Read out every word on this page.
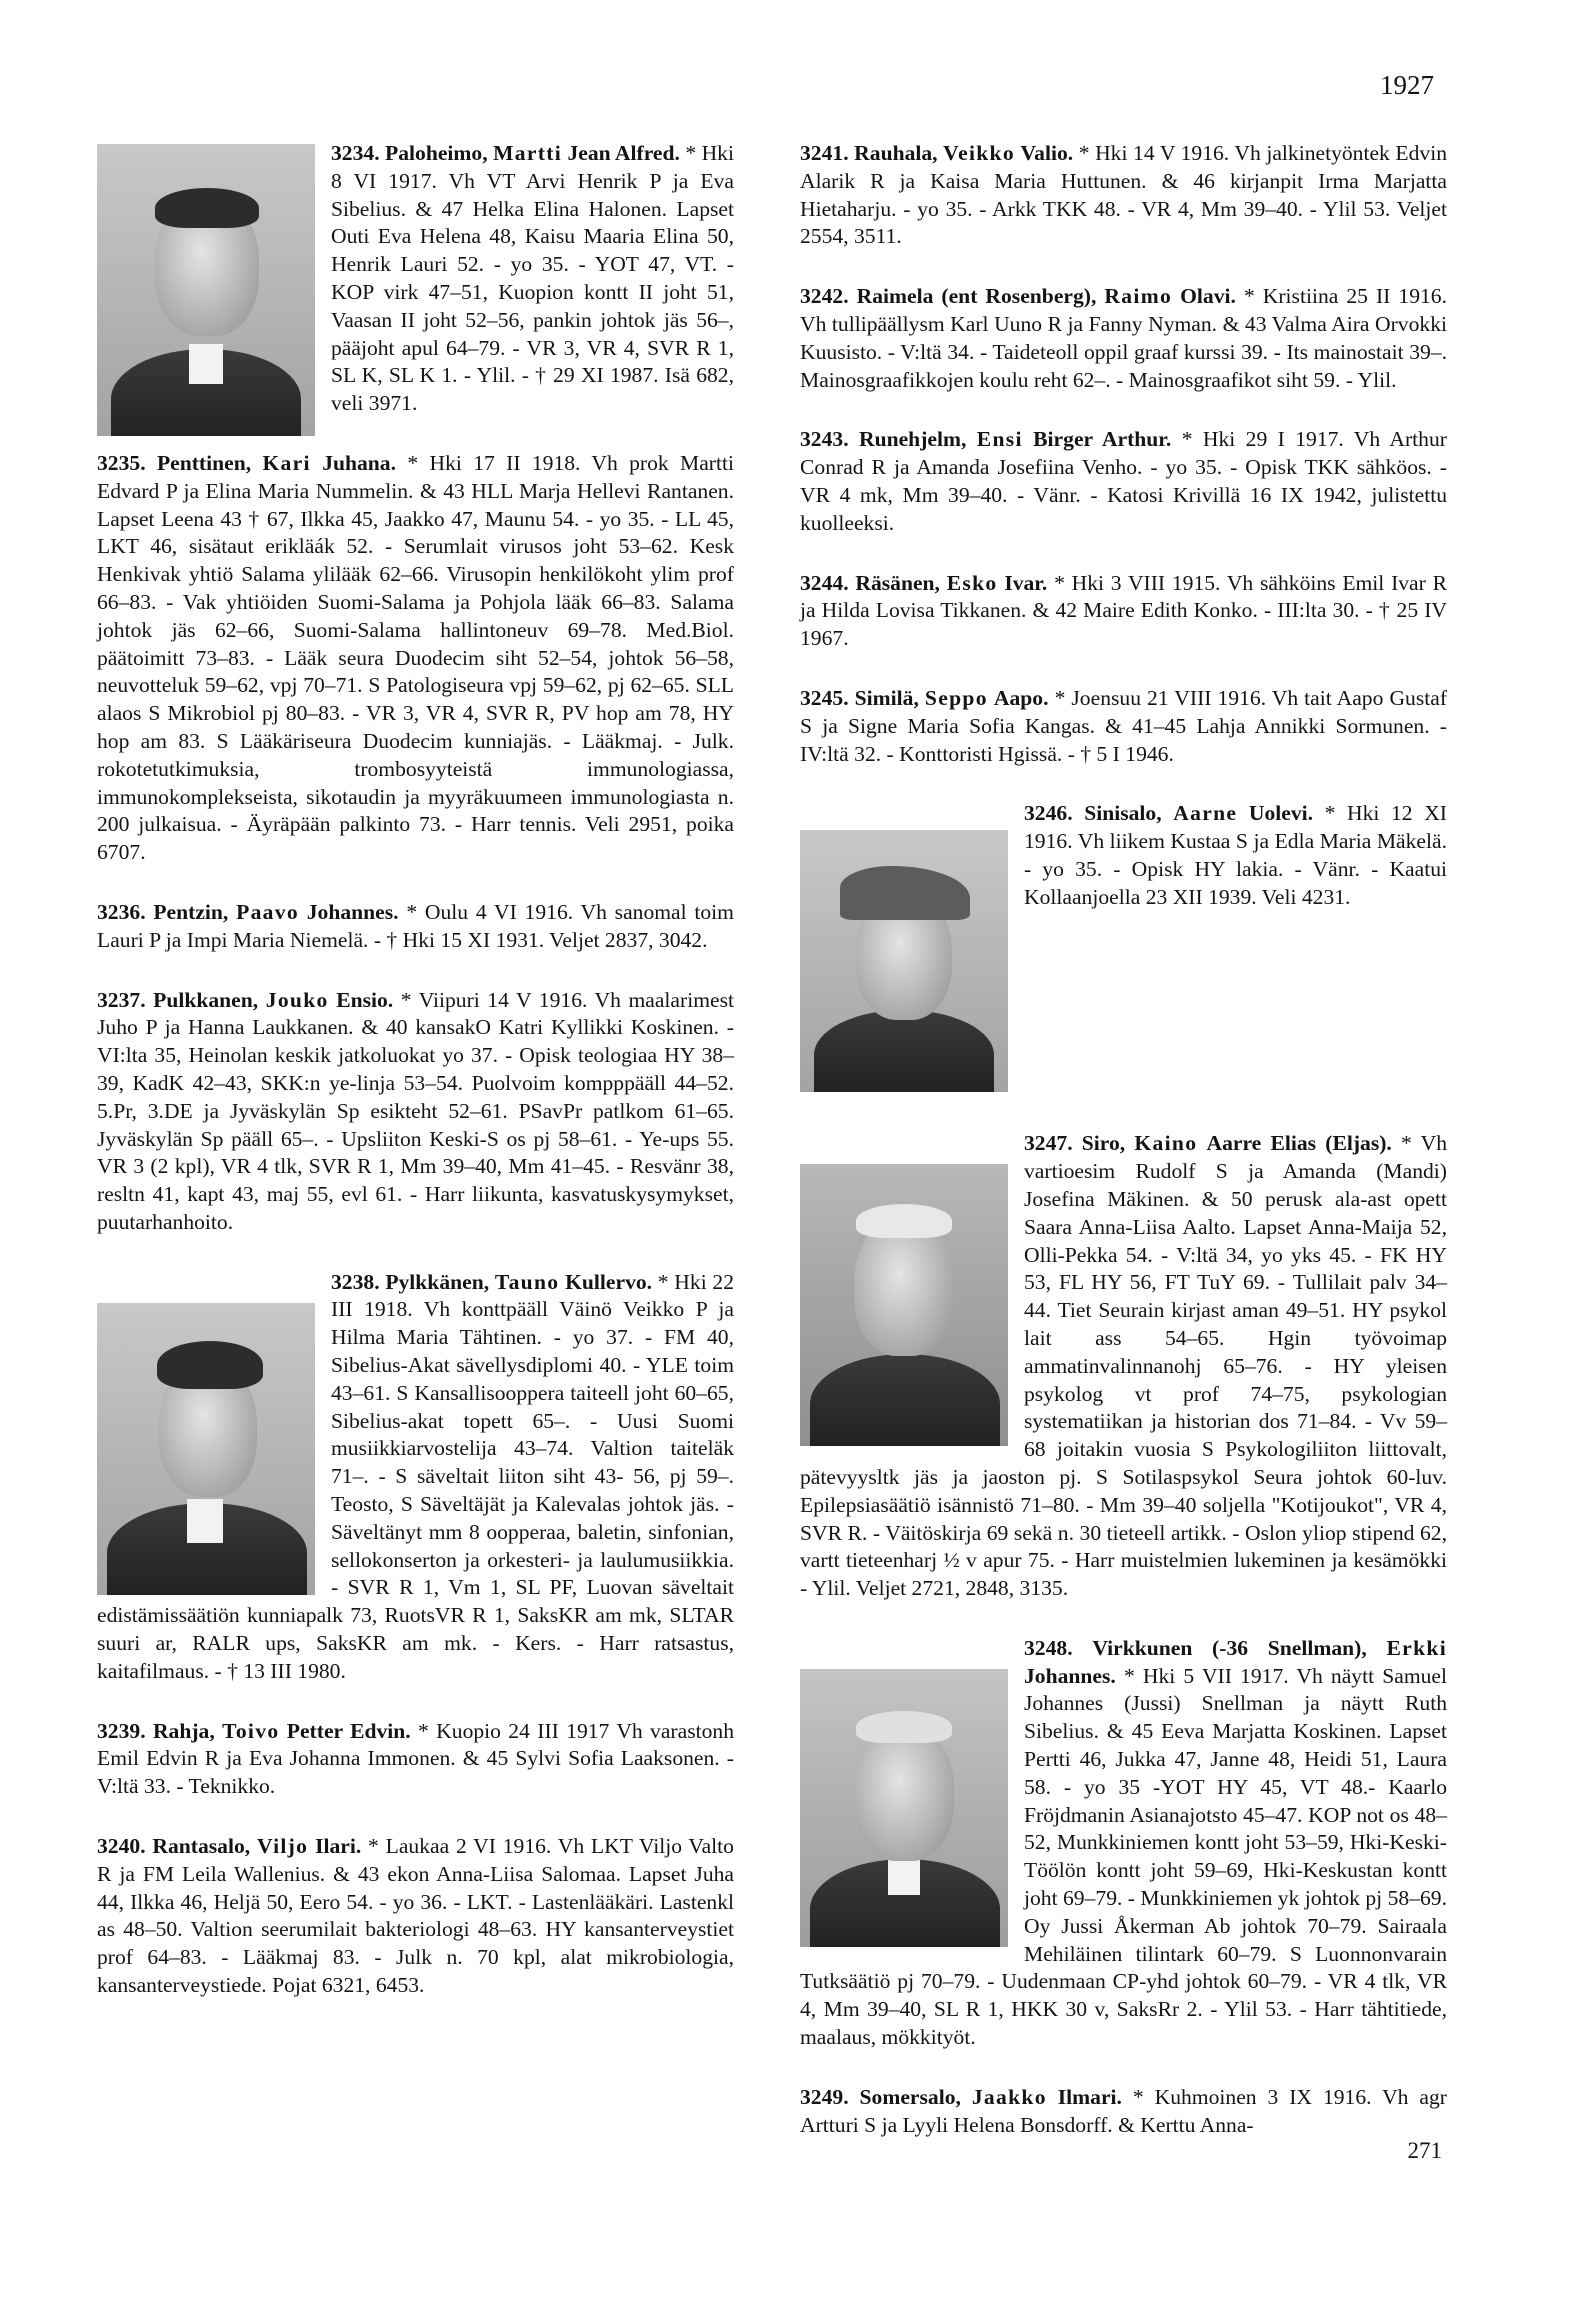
1927

3234. Paloheimo, Martti Jean Alfred. * Hki 8 VI 1917. Vh VT Arvi Henrik P ja Eva Sibelius. & 47 Helka Elina Halonen. Lapset Outi Eva Helena 48, Kaisu Maaria Elina 50, Henrik Lauri 52. - yo 35. - YOT 47, VT. - KOP virk 47–51, Kuopion kontt II joht 51, Vaasan II joht 52–56, pankin johtok jäs 56–, pääjoht apul 64–79. - VR 3, VR 4, SVR R 1, SL K, SL K 1. - Ylil. - † 29 XI 1987. Isä 682, veli 3971.

3235. Penttinen, Kari Juhana. * Hki 17 II 1918. Vh prok Martti Edvard P ja Elina Maria Nummelin. & 43 HLL Marja Hellevi Rantanen. Lapset Leena 43 † 67, Ilkka 45, Jaakko 47, Maunu 54. - yo 35. - LL 45, LKT 46, sisätaut erikläák 52. - Serumlait virusos joht 53–62. Kesk Henkivak yhtiö Salama ylilääk 62–66. Virusopin henkilökoht ylim prof 66–83. - Vak yhtiöiden Suomi-Salama ja Pohjola lääk 66–83. Salama johtok jäs 62–66, Suomi-Salama hallintoneuv 69–78. Med.Biol. päätoimitt 73–83. - Lääk seura Duodecim siht 52–54, johtok 56–58, neuvotteluk 59–62, vpj 70–71. S Patologiseura vpj 59–62, pj 62–65. SLL alaos S Mikrobiol pj 80–83. - VR 3, VR 4, SVR R, PV hop am 78, HY hop am 83. S Lääkäriseura Duodecim kunniajäs. - Lääkmaj. - Julk. rokotetutkimuksia, trombosyyteistä immunologiassa, immunokomplekseista, sikotaudin ja myyräkuumeen immunologiasta n. 200 julkaisua. - Äyräpään palkinto 73. - Harr tennis. Veli 2951, poika 6707.

3236. Pentzin, Paavo Johannes. * Oulu 4 VI 1916. Vh sanomal toim Lauri P ja Impi Maria Niemelä. - † Hki 15 XI 1931. Veljet 2837, 3042.

3237. Pulkkanen, Jouko Ensio. * Viipuri 14 V 1916. Vh maalarimest Juho P ja Hanna Laukkanen. & 40 kansakO Katri Kyllikki Koskinen. - VI:lta 35, Heinolan keskik jatkoluokat yo 37. - Opisk teologiaa HY 38–39, KadK 42–43, SKK:n ye-linja 53–54. Puolvoim kompppääll 44–52. 5.Pr, 3.DE ja Jyväskylän Sp esikteht 52–61. PSavPr patlkom 61–65. Jyväskylän Sp pääll 65–. - Upsliiton Keski-S os pj 58–61. - Ye-ups 55. VR 3 (2 kpl), VR 4 tlk, SVR R 1, Mm 39–40, Mm 41–45. - Resvänr 38, resltn 41, kapt 43, maj 55, evl 61. - Harr liikunta, kasvatuskysymykset, puutarhanhoito.

3238. Pylkkänen, Tauno Kullervo. * Hki 22 III 1918. Vh konttpääll Väinö Veikko P ja Hilma Maria Tähtinen. - yo 37. - FM 40, Sibelius-Akat sävellysdiplomi 40. - YLE toim 43–61. S Kansallisooppera taiteell joht 60–65, Sibelius-akat topett 65–. - Uusi Suomi musiikkiarvostelija 43–74. Valtion taiteläk 71–. - S säveltait liiton siht 43- 56, pj 59–. Teosto, S Säveltäjät ja Kalevalas johtok jäs. - Säveltänyt mm 8 oopperaa, baletin, sinfonian, sellokonserton ja orkesteri- ja laulumusiikkia. - SVR R 1, Vm 1, SL PF, Luovan säveltait edistämissäätiön kunniapalk 73, RuotsVR R 1, SaksKR am mk, SLTAR suuri ar, RALR ups, SaksKR am mk. - Kers. - Harr ratsastus, kaitafilmaus. - † 13 III 1980.

3239. Rahja, Toivo Petter Edvin. * Kuopio 24 III 1917 Vh varastonh Emil Edvin R ja Eva Johanna Immonen. & 45 Sylvi Sofia Laaksonen. - V:ltä 33. - Teknikko.

3240. Rantasalo, Viljo Ilari. * Laukaa 2 VI 1916. Vh LKT Viljo Valto R ja FM Leila Wallenius. & 43 ekon Anna-Liisa Salomaa. Lapset Juha 44, Ilkka 46, Heljä 50, Eero 54. - yo 36. - LKT. - Lastenlääkäri. Lastenkl as 48–50. Valtion seerumilait bakteriologi 48–63. HY kansanterveystiet prof 64–83. - Lääkmaj 83. - Julk n. 70 kpl, alat mikrobiologia, kansanterveystiede. Pojat 6321, 6453.

3241. Rauhala, Veikko Valio. * Hki 14 V 1916. Vh jalkinetyöntek Edvin Alarik R ja Kaisa Maria Huttunen. & 46 kirjanpit Irma Marjatta Hietaharju. - yo 35. - Arkk TKK 48. - VR 4, Mm 39–40. - Ylil 53. Veljet 2554, 3511.

3242. Raimela (ent Rosenberg), Raimo Olavi. * Kristiina 25 II 1916. Vh tullipäällysm Karl Uuno R ja Fanny Nyman. & 43 Valma Aira Orvokki Kuusisto. - V:ltä 34. - Taideteoll oppil graaf kurssi 39. - Its mainostait 39–. Mainosgraafikkojen koulu reht 62–. - Mainosgraafikot siht 59. - Ylil.

3243. Runehjelm, Ensi Birger Arthur. * Hki 29 I 1917. Vh Arthur Conrad R ja Amanda Josefiina Venho. - yo 35. - Opisk TKK sähköos. - VR 4 mk, Mm 39–40. - Vänr. - Katosi Krivillä 16 IX 1942, julistettu kuolleeksi.

3244. Räsänen, Esko Ivar. * Hki 3 VIII 1915. Vh sähköins Emil Ivar R ja Hilda Lovisa Tikkanen. & 42 Maire Edith Konko. - III:lta 30. - † 25 IV 1967.

3245. Similä, Seppo Aapo. * Joensuu 21 VIII 1916. Vh tait Aapo Gustaf S ja Signe Maria Sofia Kangas. & 41–45 Lahja Annikki Sormunen. - IV:ltä 32. - Konttoristi Hgissä. - † 5 I 1946.

3246. Sinisalo, Aarne Uolevi. * Hki 12 XI 1916. Vh liikem Kustaa S ja Edla Maria Mäkelä. - yo 35. - Opisk HY lakia. - Vänr. - Kaatui Kollaanjoella 23 XII 1939. Veli 4231.

3247. Siro, Kaino Aarre Elias (Eljas). * Vh vartioesim Rudolf S ja Amanda (Mandi) Josefina Mäkinen. & 50 perusk ala-ast opett Saara Anna-Liisa Aalto. Lapset Anna-Maija 52, Olli-Pekka 54. - V:ltä 34, yo yks 45. - FK HY 53, FL HY 56, FT TuY 69. - Tullilait palv 34–44. Tiet Seurain kirjast aman 49–51. HY psykol lait ass 54–65. Hgin työvoimap ammatinvalinnanohj 65–76. - HY yleisen psykolog vt prof 74–75, psykologian systematiikan ja historian dos 71–84. - Vv 59–68 joitakin vuosia S Psykologiliiton liittovalt, pätevyysltk jäs ja jaoston pj. S Sotilaspsykol Seura johtok 60-luv. Epilepsiasäätiö isännistö 71–80. - Mm 39–40 soljella "Kotijoukot", VR 4, SVR R. - Väitöskirja 69 sekä n. 30 tieteell artikk. - Oslon yliop stipend 62, vartt tieteenharj ½ v apur 75. - Harr muistelmien lukeminen ja kesämökki - Ylil. Veljet 2721, 2848, 3135.

3248. Virkkunen (-36 Snellman), Erkki Johannes. * Hki 5 VII 1917. Vh näytt Samuel Johannes (Jussi) Snellman ja näytt Ruth Sibelius. & 45 Eeva Marjatta Koskinen. Lapset Pertti 46, Jukka 47, Janne 48, Heidi 51, Laura 58. - yo 35 -YOT HY 45, VT 48.- Kaarlo Fröjdmanin Asianajotsto 45–47. KOP not os 48–52, Munkkiniemen kontt joht 53–59, Hki-Keski-Töölön kontt joht 59–69, Hki-Keskustan kontt joht 69–79. - Munkkiniemen yk johtok pj 58–69. Oy Jussi Åkerman Ab johtok 70–79. Sairaala Mehiläinen tilintark 60–79. S Luonnonvarain Tutksäätiö pj 70–79. - Uudenmaan CP-yhd johtok 60–79. - VR 4 tlk, VR 4, Mm 39–40, SL R 1, HKK 30 v, SaksRr 2. - Ylil 53. - Harr tähtitiede, maalaus, mökkityöt.

3249. Somersalo, Jaakko Ilmari. * Kuhmoinen 3 IX 1916. Vh agr Artturi S ja Lyyli Helena Bonsdorff. & Kerttu Anna-

271
